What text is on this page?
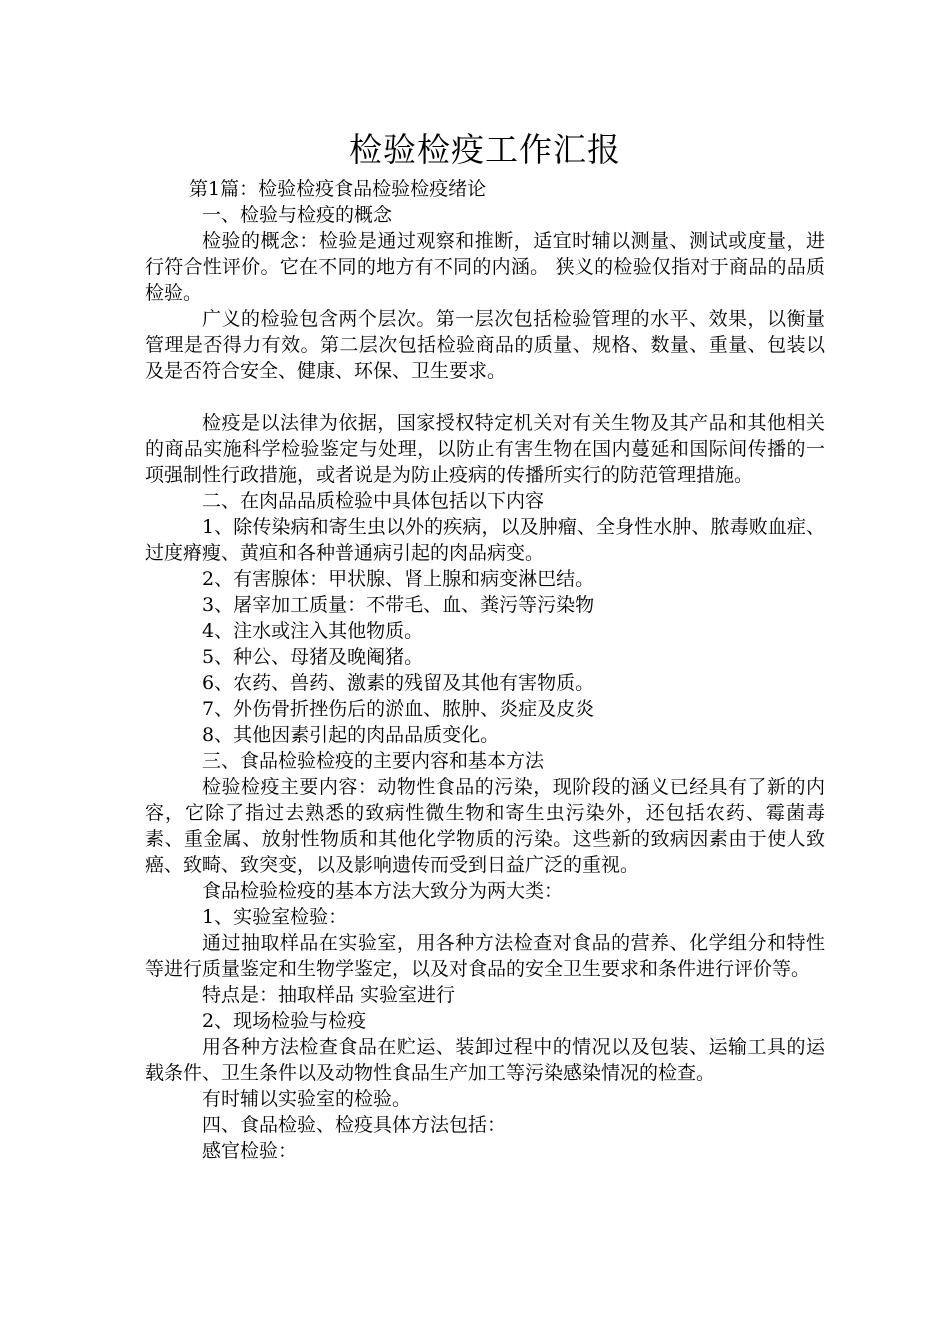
检验检疫工作汇报

第1篇：检验检疫食品检验检疫绪论

一、检验与检疫的概念

检验的概念：检验是通过观察和推断，适宜时辅以测量、测试或度量，进行符合性评价。它在不同的地方有不同的内涵。 狭义的检验仅指对于商品的品质检验。

广义的检验包含两个层次。第一层次包括检验管理的水平、效果，以衡量管理是否得力有效。第二层次包括检验商品的质量、规格、数量、重量、包装以及是否符合安全、健康、环保、卫生要求。

检疫是以法律为依据，国家授权特定机关对有关生物及其产品和其他相关的商品实施科学检验鉴定与处理，以防止有害生物在国内蔓延和国际间传播的一项强制性行政措施，或者说是为防止疫病的传播所实行的防范管理措施。

二、在肉品品质检验中具体包括以下内容

1、除传染病和寄生虫以外的疾病，以及肿瘤、全身性水肿、脓毒败血症、过度瘠瘦、黄疸和各种普通病引起的肉品病变。

2、有害腺体：甲状腺、肾上腺和病变淋巴结。

3、屠宰加工质量：不带毛、血、粪污等污染物

4、注水或注入其他物质。

5、种公、母猪及晚阉猪。

6、农药、兽药、激素的残留及其他有害物质。

7、外伤骨折挫伤后的淤血、脓肿、炎症及皮炎

8、其他因素引起的肉品品质变化。

三、食品检验检疫的主要内容和基本方法

检验检疫主要内容：动物性食品的污染，现阶段的涵义已经具有了新的内容，它除了指过去熟悉的致病性微生物和寄生虫污染外，还包括农药、霉菌毒素、重金属、放射性物质和其他化学物质的污染。这些新的致病因素由于使人致癌、致畸、致突变，以及影响遗传而受到日益广泛的重视。

食品检验检疫的基本方法大致分为两大类：

1、实验室检验：

通过抽取样品在实验室，用各种方法检查对食品的营养、化学组分和特性等进行质量鉴定和生物学鉴定，以及对食品的安全卫生要求和条件进行评价等。

特点是：抽取样品 实验室进行

2、现场检验与检疫

用各种方法检查食品在贮运、装卸过程中的情况以及包装、运输工具的运载条件、卫生条件以及动物性食品生产加工等污染感染情况的检查。

有时辅以实验室的检验。

四、食品检验、检疫具体方法包括：

感官检验：
